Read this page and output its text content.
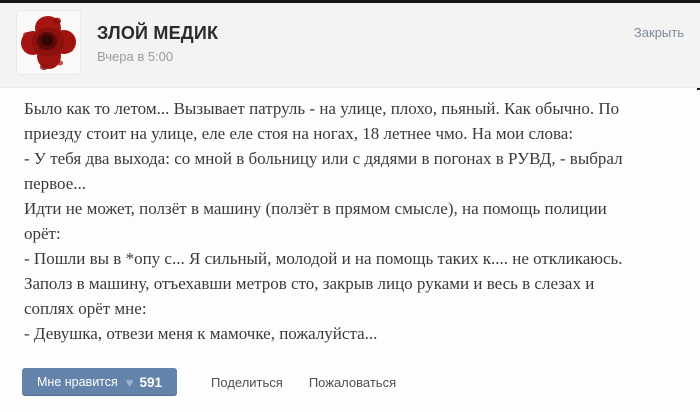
ЗЛОЙ МЕДИК
Вчера в 5:00
Закрыть
Было как то летом... Вызывает патруль - на улице, плохо, пьяный. Как обычно. По
приезду стоит на улице, еле еле стоя на ногах, 18 летнее чмо. На мои слова:
- У тебя два выхода: со мной в больницу или с дядями в погонах в РУВД, - выбрал
первое...
Идти не может, ползёт в машину (ползёт в прямом смысле), на помощь полиции
орёт:
- Пошли вы в *опу с... Я сильный, молодой и на помощь таких к.... не откликаюсь.
Заполз в машину, отъехавши метров сто, закрыв лицо руками и весь в слезах и
соплях орёт мне:
- Девушка, отвези меня к мамочке, пожалуйста...
Мне нравится ♥ 591	Поделиться Пожаловаться
